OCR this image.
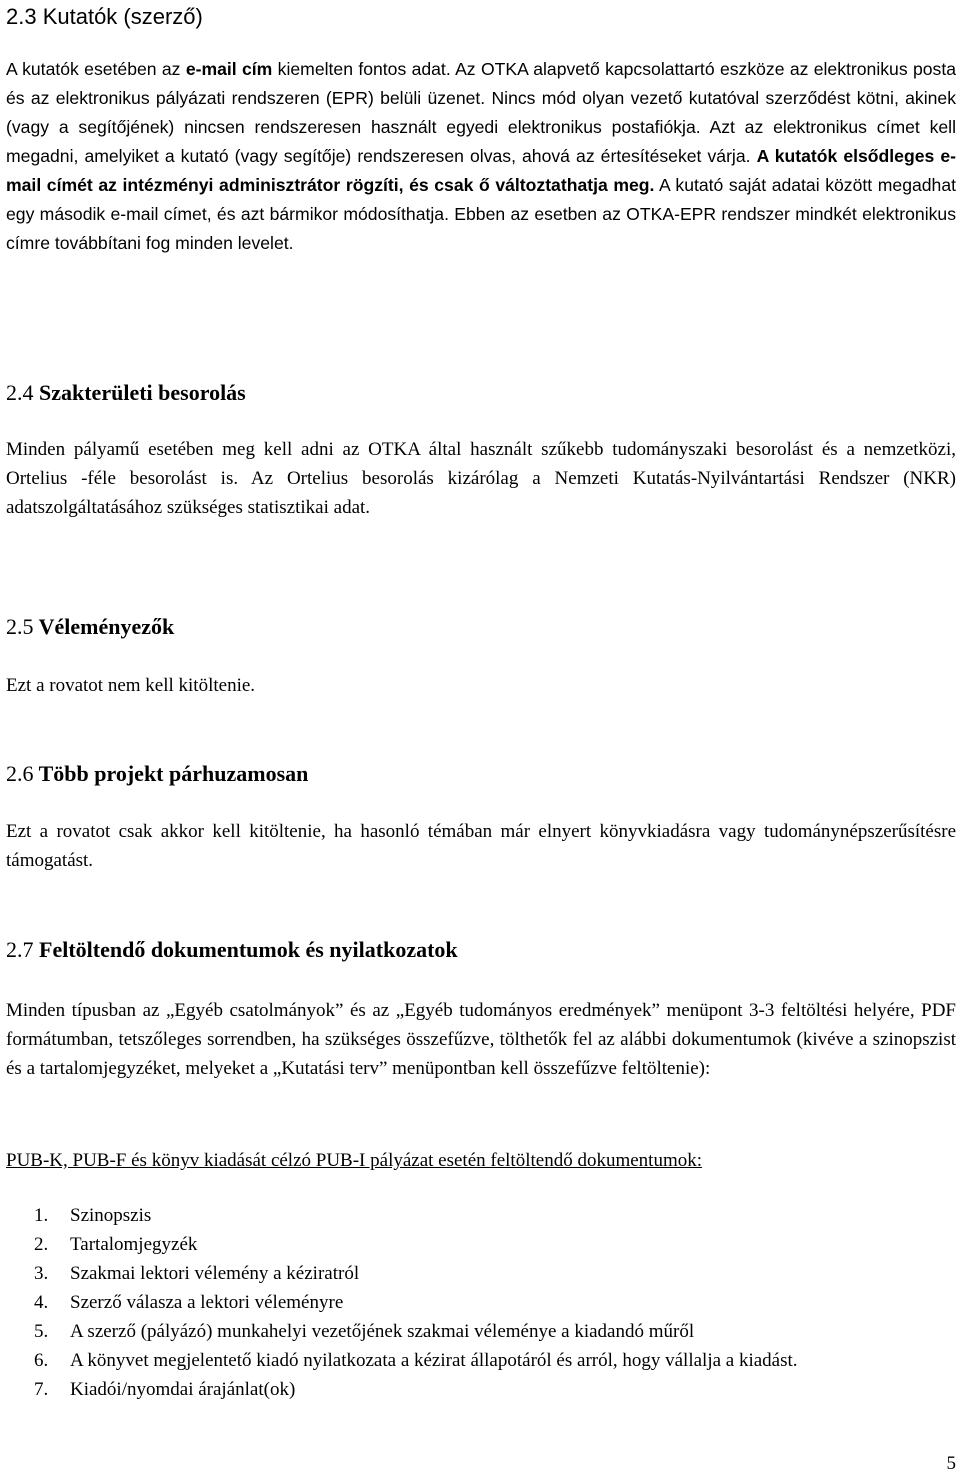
2.3 Kutatók (szerző)
A kutatók esetében az e-mail cím kiemelten fontos adat. Az OTKA alapvető kapcsolattartó eszköze az elektronikus posta és az elektronikus pályázati rendszeren (EPR) belüli üzenet. Nincs mód olyan vezető kutatóval szerződést kötni, akinek (vagy a segítőjének) nincsen rendszeresen használt egyedi elektronikus postafiókja. Azt az elektronikus címet kell megadni, amelyiket a kutató (vagy segítője) rendszeresen olvas, ahová az értesítéseket várja. A kutatók elsődleges e-mail címét az intézményi adminisztrátor rögzíti, és csak ő változtathatja meg. A kutató saját adatai között megadhat egy második e-mail címet, és azt bármikor módosíthatja. Ebben az esetben az OTKA-EPR rendszer mindkét elektronikus címre továbbítani fog minden levelet.
2.4 Szakterületi besorolás
Minden pályamű esetében meg kell adni az OTKA által használt szűkebb tudományszaki besorolást és a nemzetközi, Ortelius -féle besorolást is. Az Ortelius besorolás kizárólag a Nemzeti Kutatás-Nyilvántartási Rendszer (NKR) adatszolgáltatásához szükséges statisztikai adat.
2.5 Véleményezők
Ezt a rovatot nem kell kitöltenie.
2.6 Több projekt párhuzamosan
Ezt a rovatot csak akkor kell kitöltenie, ha hasonló témában már elnyert könyvkiadásra vagy tudománynépszerűsítésre támogatást.
2.7 Feltöltendő dokumentumok és nyilatkozatok
Minden típusban az „Egyéb csatolmányok” és az „Egyéb tudományos eredmények” menüpont 3-3 feltöltési helyére, PDF formátumban, tetszőleges sorrendben, ha szükséges összefűzve, tölthetők fel az alábbi dokumentumok (kivéve a szinopszist és a tartalomjegyzéket, melyeket a „Kutatási terv” menüpontban kell összefűzve feltöltenie):
PUB-K, PUB-F és könyv kiadását célzó PUB-I pályázat esetén feltöltendő dokumentumok:
1. Szinopszis
2. Tartalomjegyzék
3. Szakmai lektori vélemény a kéziratról
4. Szerző válasza a lektori véleményre
5. A szerző (pályázó) munkahelyi vezetőjének szakmai véleménye a kiadandó műről
6. A könyvet megjelentető kiadó nyilatkozata a kézirat állapotáról és arról, hogy vállalja a kiadást.
7. Kiadói/nyomdai árajánlat(ok)
5
